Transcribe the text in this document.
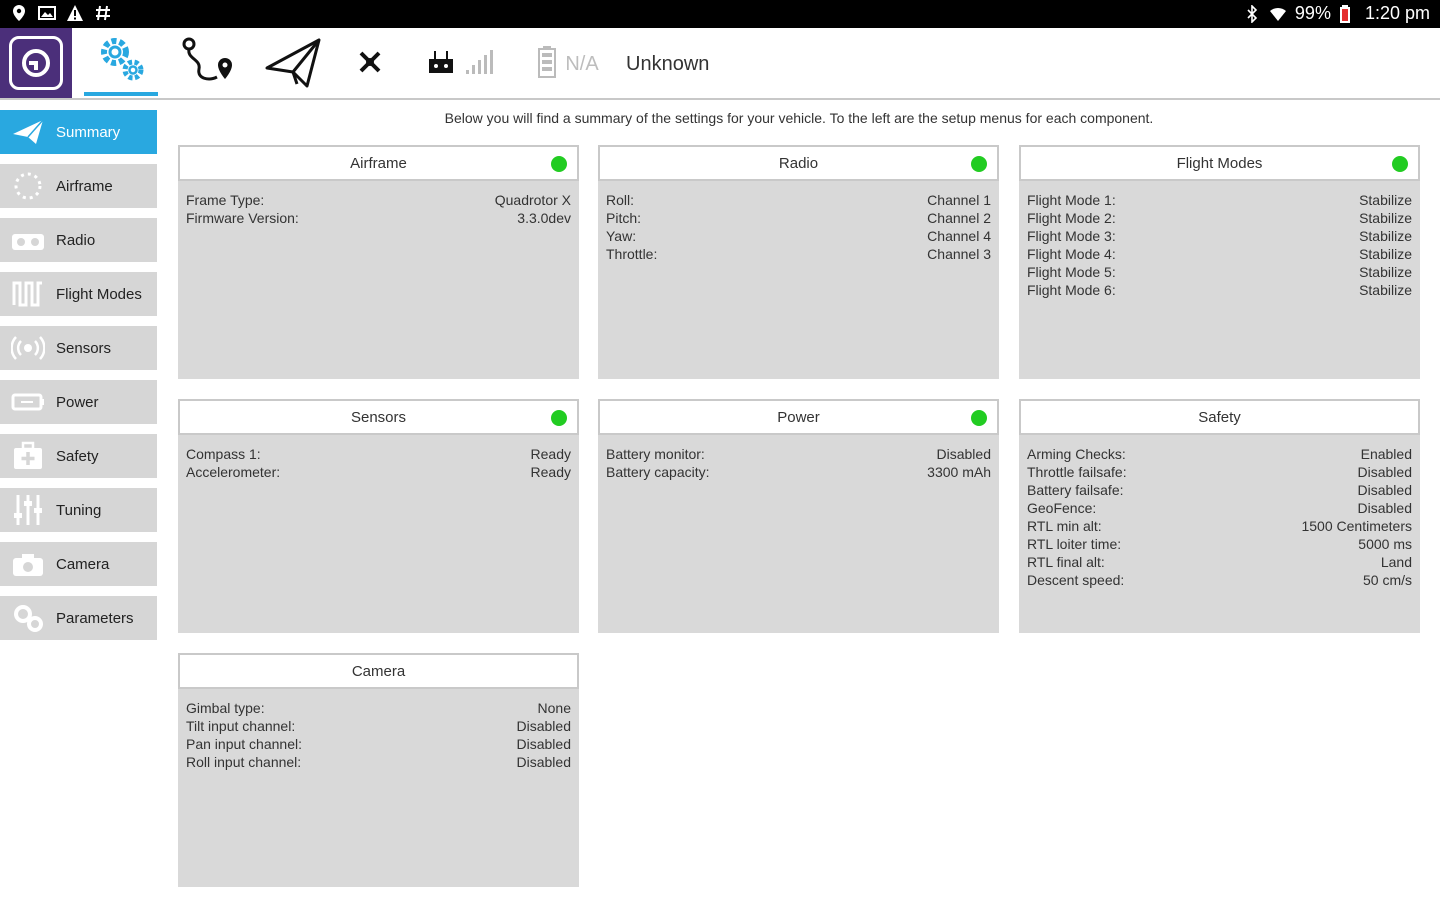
99% 1:20 pm
N/A Unknown
Summary
Airframe
Radio
Flight Modes
Sensors
Power
Safety
Tuning
Camera
Parameters
Below you will find a summary of the settings for your vehicle. To the left are the setup menus for each component.
Airframe
Frame Type:	Quadrotor X
Firmware Version:	3.3.0dev
Radio
Roll:	Channel 1
Pitch:	Channel 2
Yaw:	Channel 4
Throttle:	Channel 3
Flight Modes
Flight Mode 1:	Stabilize
Flight Mode 2:	Stabilize
Flight Mode 3:	Stabilize
Flight Mode 4:	Stabilize
Flight Mode 5:	Stabilize
Flight Mode 6:	Stabilize
Sensors
Compass 1:	Ready
Accelerometer:	Ready
Power
Battery monitor:	Disabled
Battery capacity:	3300 mAh
Safety
Arming Checks:	Enabled
Throttle failsafe:	Disabled
Battery failsafe:	Disabled
GeoFence:	Disabled
RTL min alt:	1500 Centimeters
RTL loiter time:	5000 ms
RTL final alt:	Land
Descent speed:	50 cm/s
Camera
Gimbal type:	None
Tilt input channel:	Disabled
Pan input channel:	Disabled
Roll input channel:	Disabled
